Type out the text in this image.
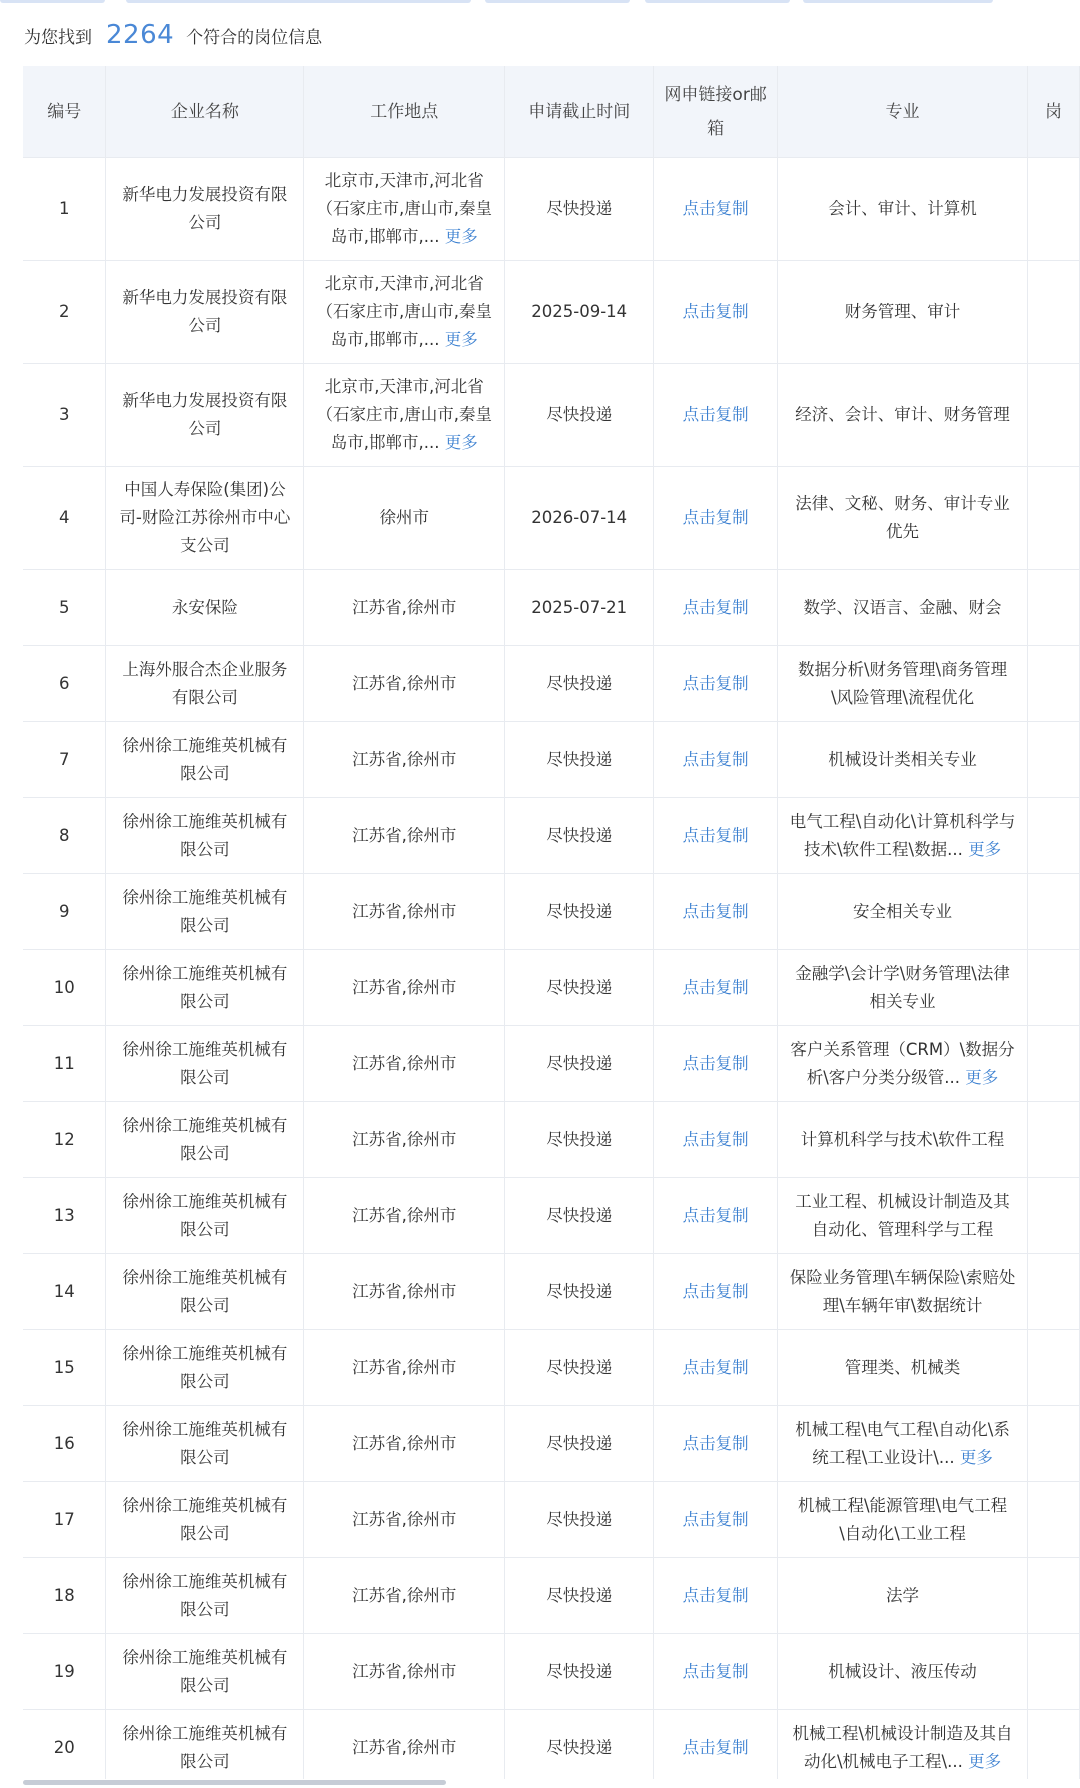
为您找到 2264 个符合的岗位信息
编号	企业名称	工作地点	申请截止时间	网申链接or邮箱	专业	岗
1	新华电力发展投资有限公司	北京市,天津市,河北省（石家庄市,唐山市,秦皇岛市,邯郸市,... 更多	尽快投递	点击复制	会计、审计、计算机	
2	新华电力发展投资有限公司	北京市,天津市,河北省（石家庄市,唐山市,秦皇岛市,邯郸市,... 更多	2025-09-14	点击复制	财务管理、审计	
3	新华电力发展投资有限公司	北京市,天津市,河北省（石家庄市,唐山市,秦皇岛市,邯郸市,... 更多	尽快投递	点击复制	经济、会计、审计、财务管理	
4	中国人寿保险(集团)公司-财险江苏徐州市中心支公司	徐州市	2026-07-14	点击复制	法律、文秘、财务、审计专业优先	
5	永安保险	江苏省,徐州市	2025-07-21	点击复制	数学、汉语言、金融、财会	
6	上海外服合杰企业服务有限公司	江苏省,徐州市	尽快投递	点击复制	数据分析\财务管理\商务管理\风险管理\流程优化	
7	徐州徐工施维英机械有限公司	江苏省,徐州市	尽快投递	点击复制	机械设计类相关专业	
8	徐州徐工施维英机械有限公司	江苏省,徐州市	尽快投递	点击复制	电气工程\自动化\计算机科学与技术\软件工程\数据... 更多	
9	徐州徐工施维英机械有限公司	江苏省,徐州市	尽快投递	点击复制	安全相关专业	
10	徐州徐工施维英机械有限公司	江苏省,徐州市	尽快投递	点击复制	金融学\会计学\财务管理\法律相关专业	
11	徐州徐工施维英机械有限公司	江苏省,徐州市	尽快投递	点击复制	客户关系管理（CRM）\数据分析\客户分类分级管... 更多	
12	徐州徐工施维英机械有限公司	江苏省,徐州市	尽快投递	点击复制	计算机科学与技术\软件工程	
13	徐州徐工施维英机械有限公司	江苏省,徐州市	尽快投递	点击复制	工业工程、机械设计制造及其自动化、管理科学与工程	
14	徐州徐工施维英机械有限公司	江苏省,徐州市	尽快投递	点击复制	保险业务管理\车辆保险\索赔处理\车辆年审\数据统计	
15	徐州徐工施维英机械有限公司	江苏省,徐州市	尽快投递	点击复制	管理类、机械类	
16	徐州徐工施维英机械有限公司	江苏省,徐州市	尽快投递	点击复制	机械工程\电气工程\自动化\系统工程\工业设计\... 更多	
17	徐州徐工施维英机械有限公司	江苏省,徐州市	尽快投递	点击复制	机械工程\能源管理\电气工程\自动化\工业工程	
18	徐州徐工施维英机械有限公司	江苏省,徐州市	尽快投递	点击复制	法学	
19	徐州徐工施维英机械有限公司	江苏省,徐州市	尽快投递	点击复制	机械设计、液压传动	
20	徐州徐工施维英机械有限公司	江苏省,徐州市	尽快投递	点击复制	机械工程\机械设计制造及其自动化\机械电子工程\... 更多	
